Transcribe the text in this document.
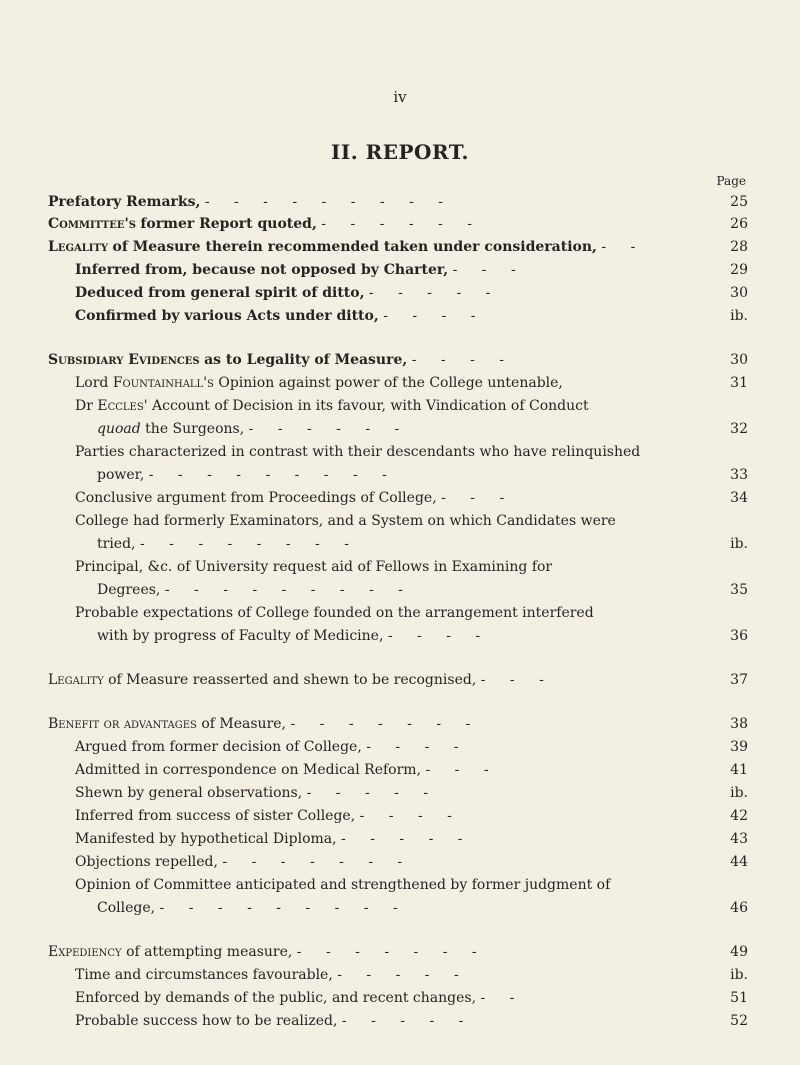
iv
II. REPORT.
Page
Prefatory Remarks, - - - - - - - - -	25
Committee's former Report quoted, - - - - - -	26
Legality of Measure therein recommended taken under consideration, - -	28
Inferred from, because not opposed by Charter, - - -	29
Deduced from general spirit of ditto, - - - - -	30
Confirmed by various Acts under ditto, - - - -	ib.
Subsidiary Evidences as to Legality of Measure, - - - -	30
Lord Fountainhall's Opinion against power of the College untenable,	31
Dr Eccles' Account of Decision in its favour, with Vindication of Conduct
quoad the Surgeons, - - - - - -	32
Parties characterized in contrast with their descendants who have relinquished
power, - - - - - - - - -	33
Conclusive argument from Proceedings of College, - - -	34
College had formerly Examinators, and a System on which Candidates were
tried, - - - - - - - -	ib.
Principal, &c. of University request aid of Fellows in Examining for
Degrees, - - - - - - - - -	35
Probable expectations of College founded on the arrangement interfered
with by progress of Faculty of Medicine, - - - -	36
Legality of Measure reasserted and shewn to be recognised, - - -	37
Benefit or advantages of Measure, - - - - - - -	38
Argued from former decision of College, - - - -	39
Admitted in correspondence on Medical Reform, - - -	41
Shewn by general observations, - - - - -	ib.
Inferred from success of sister College, - - - -	42
Manifested by hypothetical Diploma, - - - - -	43
Objections repelled, - - - - - - -	44
Opinion of Committee anticipated and strengthened by former judgment of
College, - - - - - - - - -	46
Expediency of attempting measure, - - - - - - -	49
Time and circumstances favourable, - - - - -	ib.
Enforced by demands of the public, and recent changes, - -	51
Probable success how to be realized, - - - - -	52
